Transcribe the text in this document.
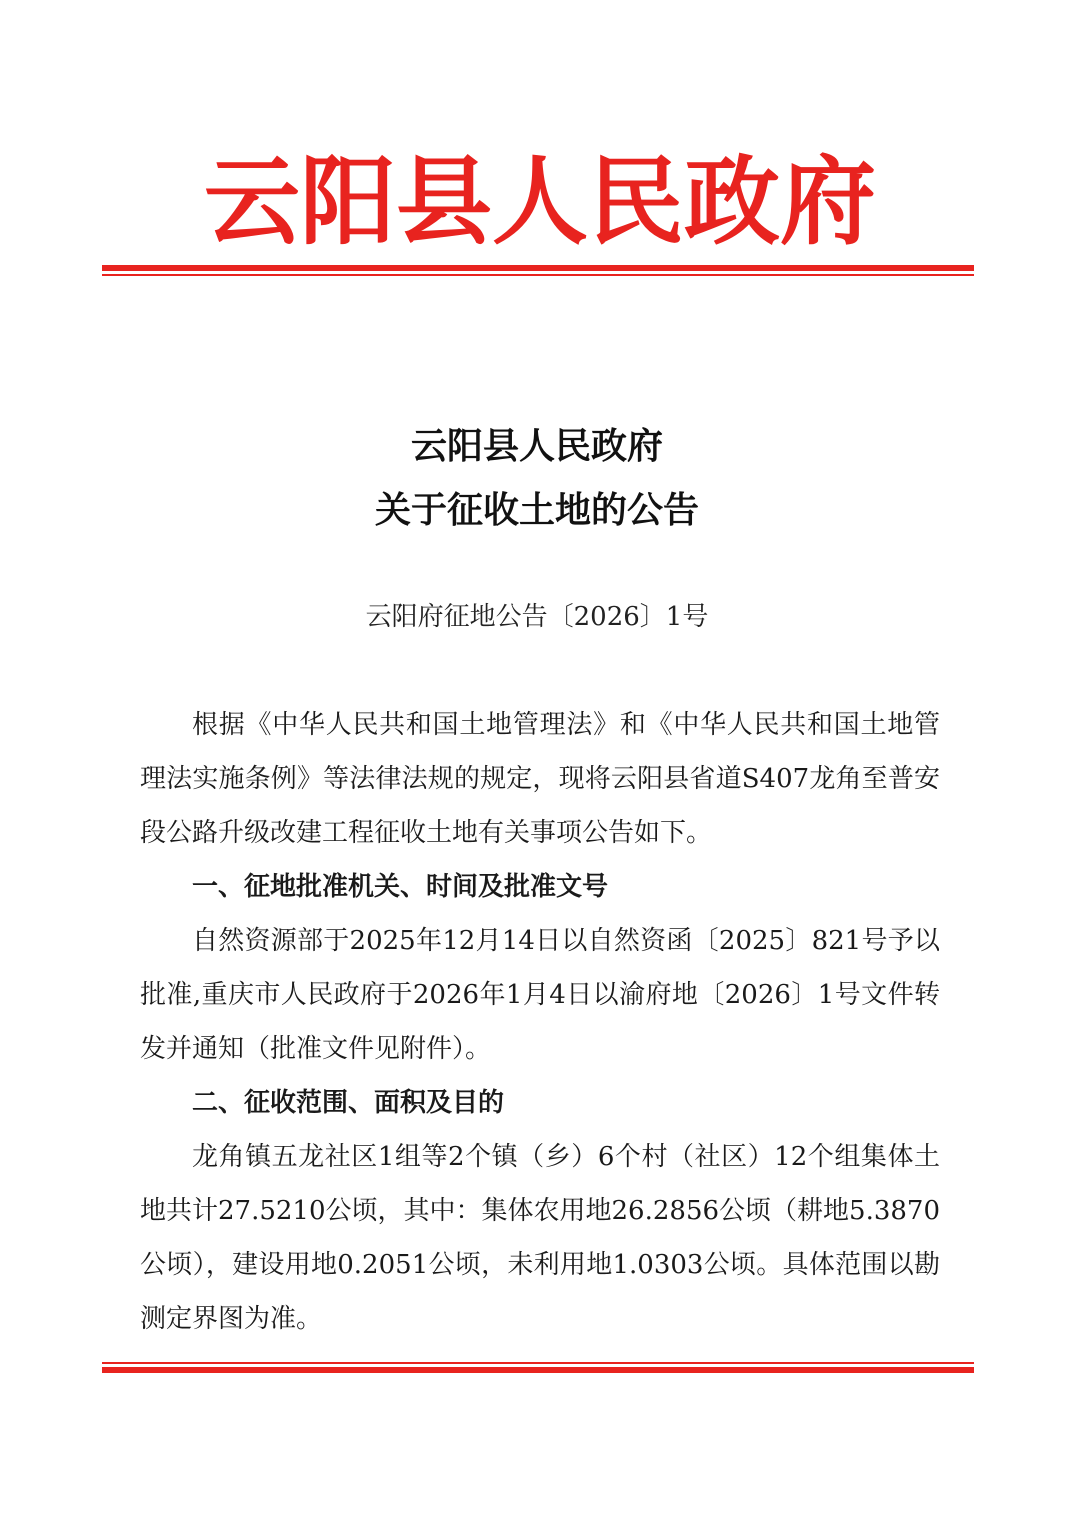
云阳县人民政府
云阳县人民政府
关于征收土地的公告
云阳府征地公告〔2026〕1号

根据《中华人民共和国土地管理法》和《中华人民共和国土地管理法实施条例》等法律法规的规定，现将云阳县省道S407龙角至普安段公路升级改建工程征收土地有关事项公告如下。

一、征地批准机关、时间及批准文号

自然资源部于2025年12月14日以自然资函〔2025〕821号予以批准,重庆市人民政府于2026年1月4日以渝府地〔2026〕1号文件转发并通知（批准文件见附件）。

二、征收范围、面积及目的

龙角镇五龙社区1组等2个镇（乡）6个村（社区）12个组集体土地共计27.5210公顷，其中：集体农用地26.2856公顷（耕地5.3870公顷），建设用地0.2051公顷，未利用地1.0303公顷。具体范围以勘测定界图为准。
